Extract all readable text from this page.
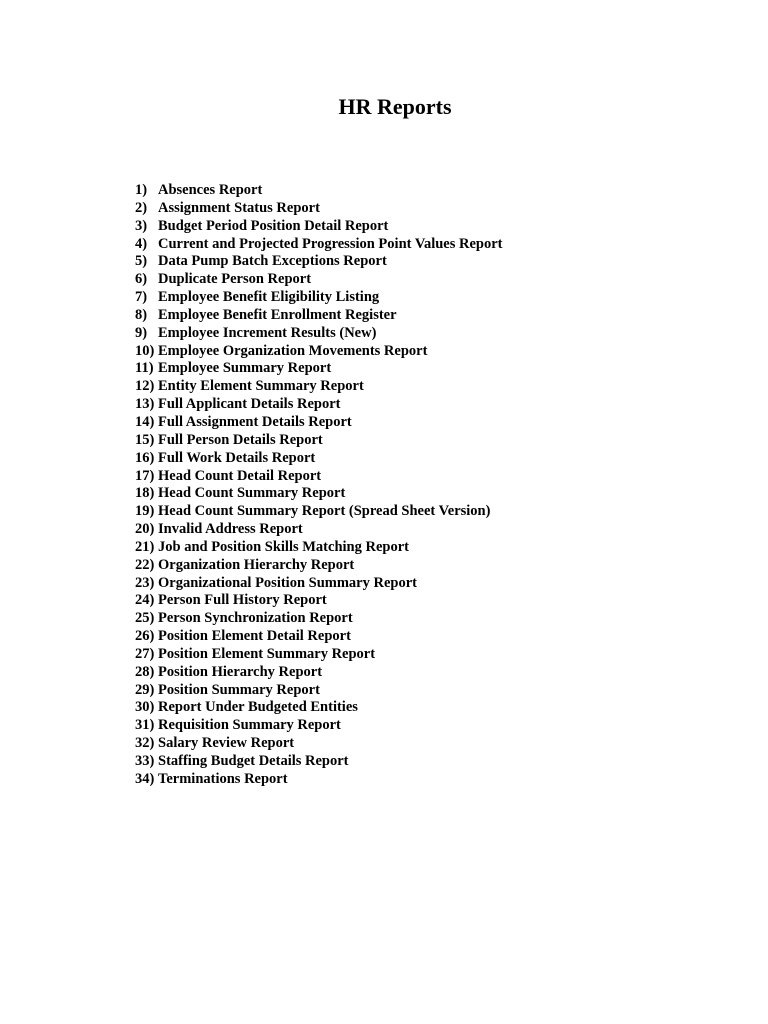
HR Reports
1) Absences Report
2) Assignment Status Report
3) Budget Period Position Detail Report
4) Current and Projected Progression Point Values Report
5) Data Pump Batch Exceptions Report
6) Duplicate Person Report
7) Employee Benefit Eligibility Listing
8) Employee Benefit Enrollment Register
9) Employee Increment Results (New)
10) Employee Organization Movements Report
11) Employee Summary Report
12) Entity Element Summary Report
13) Full Applicant Details Report
14) Full Assignment Details Report
15) Full Person Details Report
16) Full Work Details Report
17) Head Count Detail Report
18) Head Count Summary Report
19) Head Count Summary Report (Spread Sheet Version)
20) Invalid Address Report
21) Job and Position Skills Matching Report
22) Organization Hierarchy Report
23) Organizational Position Summary Report
24) Person Full History Report
25) Person Synchronization Report
26) Position Element Detail Report
27) Position Element Summary Report
28) Position Hierarchy Report
29) Position Summary Report
30) Report Under Budgeted Entities
31) Requisition Summary Report
32) Salary Review Report
33) Staffing Budget Details Report
34) Terminations Report
